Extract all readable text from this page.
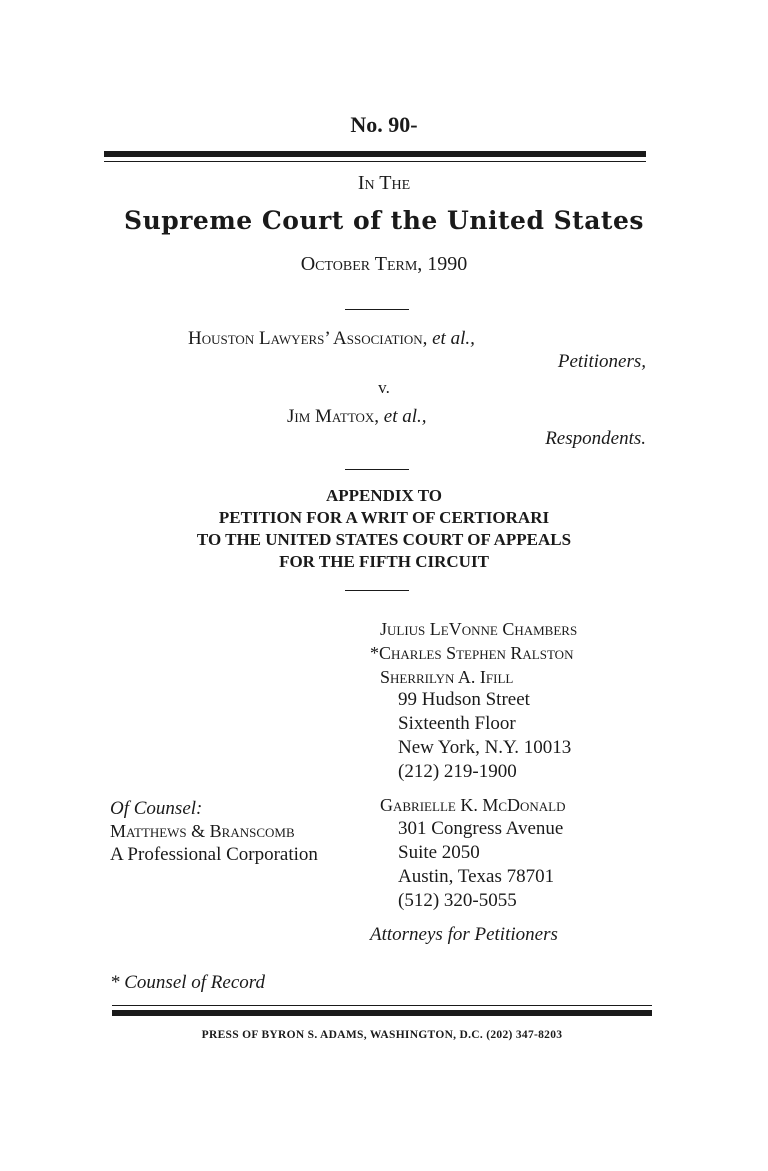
No. 90-
In The
Supreme Court of the United States
October Term, 1990
Houston Lawyers’ Association, et al.,
Petitioners,
v.
Jim Mattox, et al.,
Respondents.
APPENDIX TO
PETITION FOR A WRIT OF CERTIORARI
TO THE UNITED STATES COURT OF APPEALS
FOR THE FIFTH CIRCUIT
Julius LeVonne Chambers
*Charles Stephen Ralston
Sherrilyn A. Ifill
99 Hudson Street
Sixteenth Floor
New York, N.Y. 10013
(212) 219-1900
Gabrielle K. McDonald
301 Congress Avenue
Suite 2050
Austin, Texas 78701
(512) 320-5055
Attorneys for Petitioners
Of Counsel:
Matthews & Branscomb
A Professional Corporation
* Counsel of Record
PRESS OF BYRON S. ADAMS, WASHINGTON, D.C. (202) 347-8203
